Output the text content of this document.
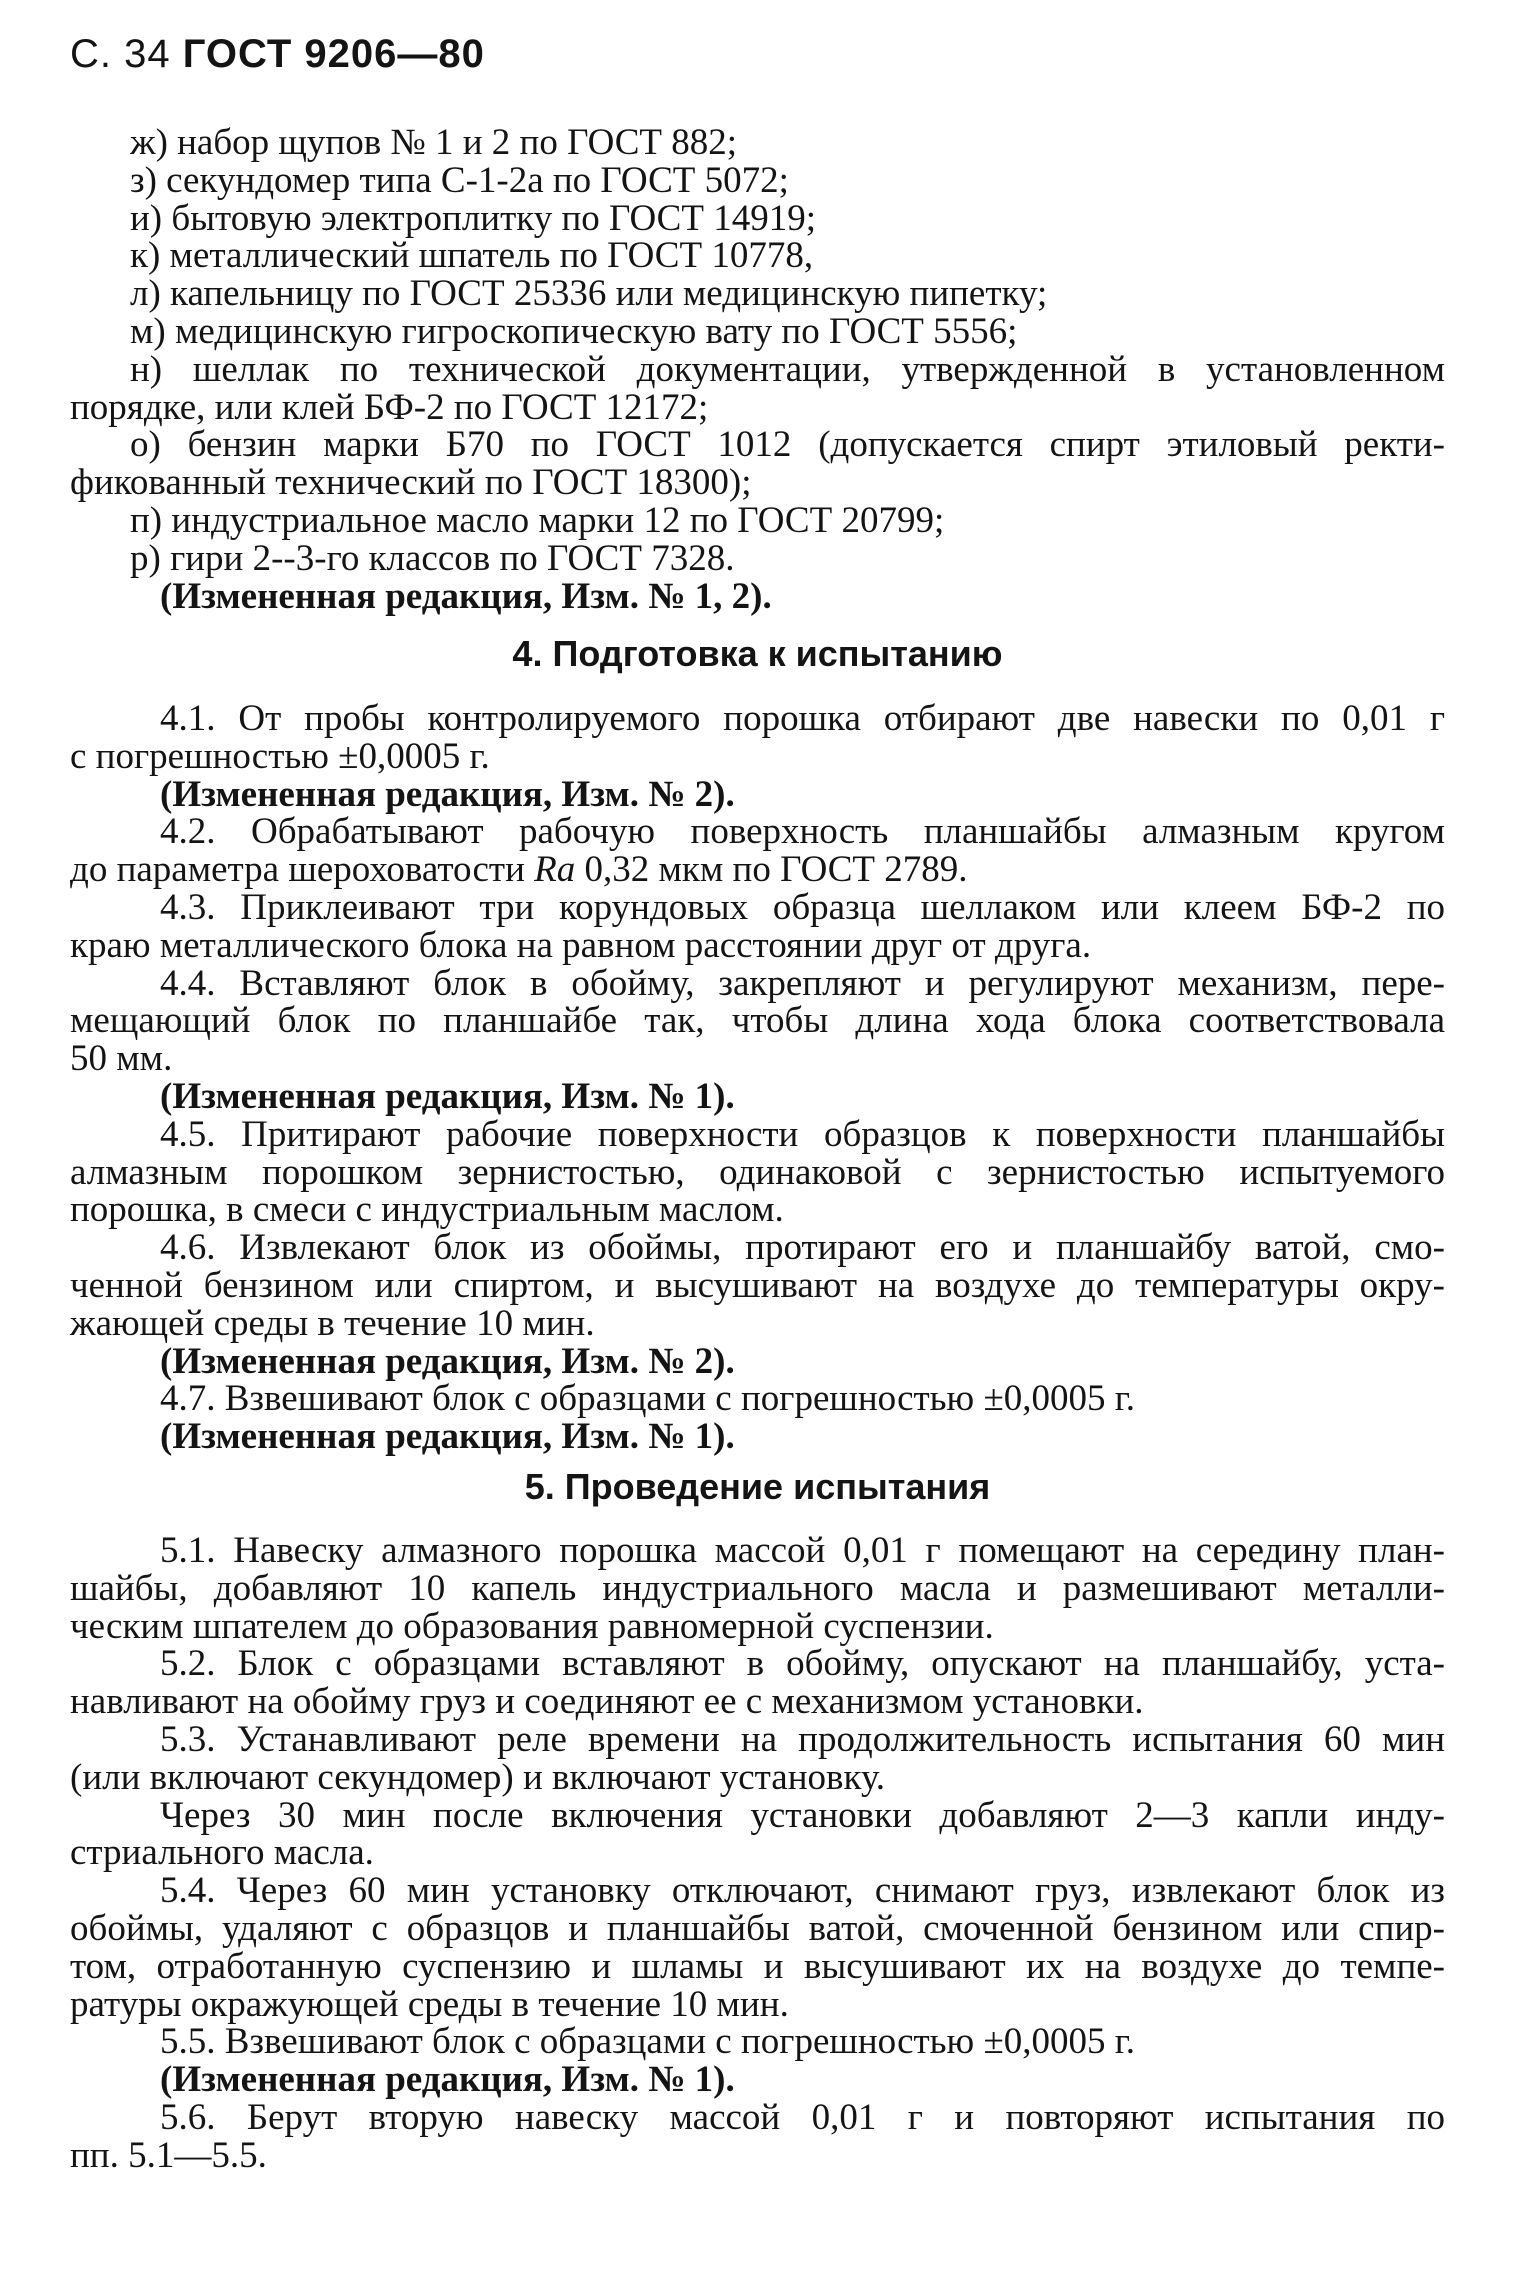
С. 34 ГОСТ 9206—80
ж) набор щупов № 1 и 2 по ГОСТ 882;
з) секундомер типа С-1-2а по ГОСТ 5072;
и) бытовую электроплитку по ГОСТ 14919;
к) металлический шпатель по ГОСТ 10778,
л) капельницу по ГОСТ 25336 или медицинскую пипетку;
м) медицинскую гигроскопическую вату по ГОСТ 5556;
н) шеллак по технической документации, утвержденной в установленном
порядке, или клей БФ-2 по ГОСТ 12172;
о) бензин марки Б70 по ГОСТ 1012 (допускается спирт этиловый ректи-
фикованный технический по ГОСТ 18300);
п) индустриальное масло марки 12 по ГОСТ 20799;
р) гири 2--3-го классов по ГОСТ 7328.
(Измененная редакция, Изм. № 1, 2).
4. Подготовка к испытанию
4.1. От пробы контролируемого порошка отбирают две навески по 0,01 г
с погрешностью ±0,0005 г.
(Измененная редакция, Изм. № 2).
4.2. Обрабатывают рабочую поверхность планшайбы алмазным кругом
до параметра шероховатости Ra 0,32 мкм по ГОСТ 2789.
4.3. Приклеивают три корундовых образца шеллаком или клеем БФ-2 по
краю металлического блока на равном расстоянии друг от друга.
4.4. Вставляют блок в обойму, закрепляют и регулируют механизм, пере-
мещающий блок по планшайбе так, чтобы длина хода блока соответствовала
50 мм.
(Измененная редакция, Изм. № 1).
4.5. Притирают рабочие поверхности образцов к поверхности планшайбы
алмазным порошком зернистостью, одинаковой с зернистостью испытуемого
порошка, в смеси с индустриальным маслом.
4.6. Извлекают блок из обоймы, протирают его и планшайбу ватой, смо-
ченной бензином или спиртом, и высушивают на воздухе до температуры окру-
жающей среды в течение 10 мин.
(Измененная редакция, Изм. № 2).
4.7. Взвешивают блок с образцами с погрешностью ±0,0005 г.
(Измененная редакция, Изм. № 1).
5. Проведение испытания
5.1. Навеску алмазного порошка массой 0,01 г помещают на середину план-
шайбы, добавляют 10 капель индустриального масла и размешивают металли-
ческим шпателем до образования равномерной суспензии.
5.2. Блок с образцами вставляют в обойму, опускают на планшайбу, уста-
навливают на обойму груз и соединяют ее с механизмом установки.
5.3. Устанавливают реле времени на продолжительность испытания 60 мин
(или включают секундомер) и включают установку.
Через 30 мин после включения установки добавляют 2—3 капли инду-
стриального масла.
5.4. Через 60 мин установку отключают, снимают груз, извлекают блок из
обоймы, удаляют с образцов и планшайбы ватой, смоченной бензином или спир-
том, отработанную суспензию и шламы и высушивают их на воздухе до темпе-
ратуры окражующей среды в течение 10 мин.
5.5. Взвешивают блок с образцами с погрешностью ±0,0005 г.
(Измененная редакция, Изм. № 1).
5.6. Берут вторую навеску массой 0,01 г и повторяют испытания по
пп. 5.1—5.5.
